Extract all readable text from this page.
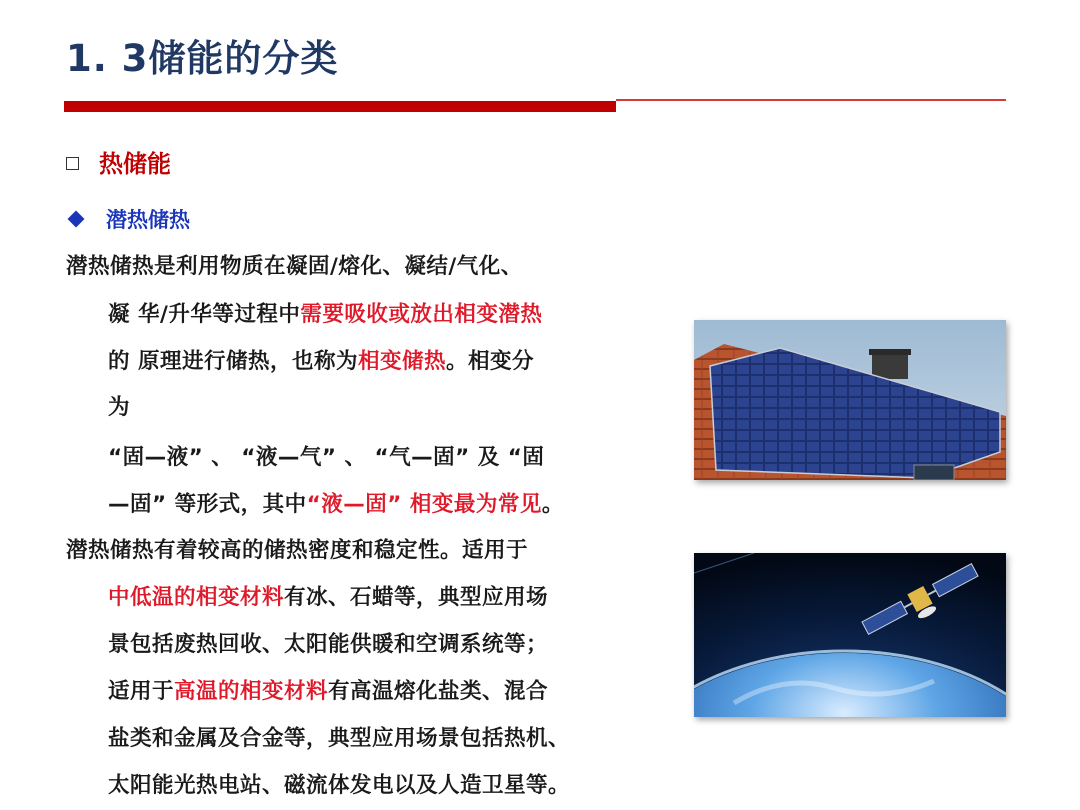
1. 3储能的分类
热储能
潜热储热
潜热储热是利用物质在凝固/熔化、凝结/气化、
凝 华/升华等过程中需要吸收或放出相变潜热
的 原理进行储热，也称为相变储热。相变分
为
“固—液” 、 “液—气” 、 “气—固” 及 “固
—固” 等形式，其中“液—固” 相变最为常见。
潜热储热有着较高的储热密度和稳定性。适用于
中低温的相变材料有冰、石蜡等，典型应用场
景包括废热回收、太阳能供暖和空调系统等；
适用于高温的相变材料有高温熔化盐类、混合
盐类和金属及合金等，典型应用场景包括热机、
太阳能光热电站、磁流体发电以及人造卫星等。
